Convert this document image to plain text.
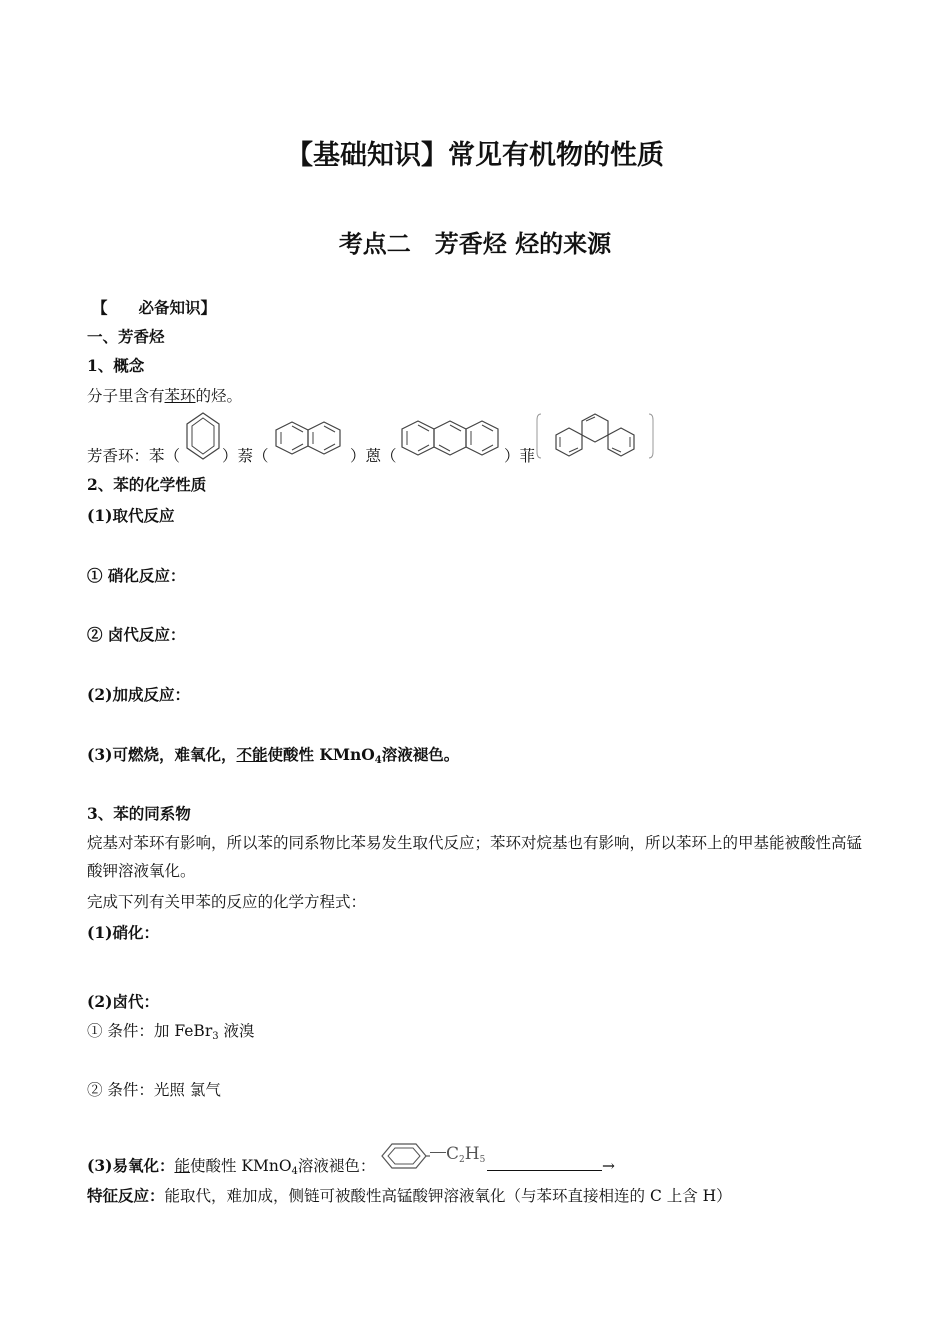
【基础知识】常见有机物的性质
考点二　芳香烃 烃的来源
【　　必备知识】
一、芳香烃
1、概念
分子里含有苯环的烃。
芳香环：苯（	）萘（	）蒽（	）菲
2、苯的化学性质
(1)取代反应
① 硝化反应：
② 卤代反应：
(2)加成反应：
(3)可燃烧，难氧化，不能使酸性 KMnO$_4$溶液褪色。
3、苯的同系物
烷基对苯环有影响，所以苯的同系物比苯易发生取代反应；苯环对烷基也有影响，所以苯环上的甲基能被酸性高锰酸钾溶液氧化。
完成下列有关甲苯的反应的化学方程式：
(1)硝化：
(2)卤代：
① 条件：加 FeBr$_3$ 液溴
② 条件：光照 氯气
(3)易氧化：能使酸性 KMnO$_4$溶液褪色：
$C_2H_5$	→
特征反应：能取代，难加成，侧链可被酸性高锰酸钾溶液氧化（与苯环直接相连的 C 上含 H）
